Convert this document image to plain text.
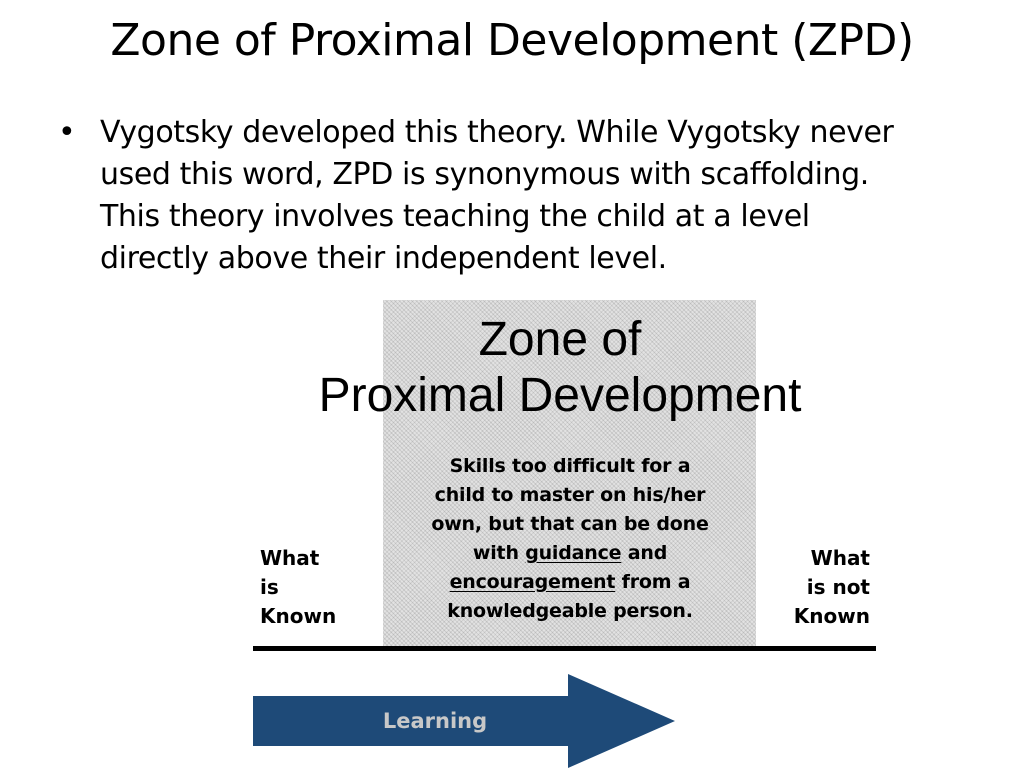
Zone of Proximal Development (ZPD)
• Vygotsky developed this theory. While Vygotsky never
used this word, ZPD is synonymous with scaffolding.
This theory involves teaching the child at a level
directly above their independent level.
Zone of
Proximal Development
Skills too difficult for a
child to master on his/her
own, but that can be done
with guidance and
encouragement from a
knowledgeable person.
What
is
Known
What
is not
Known
Learning
